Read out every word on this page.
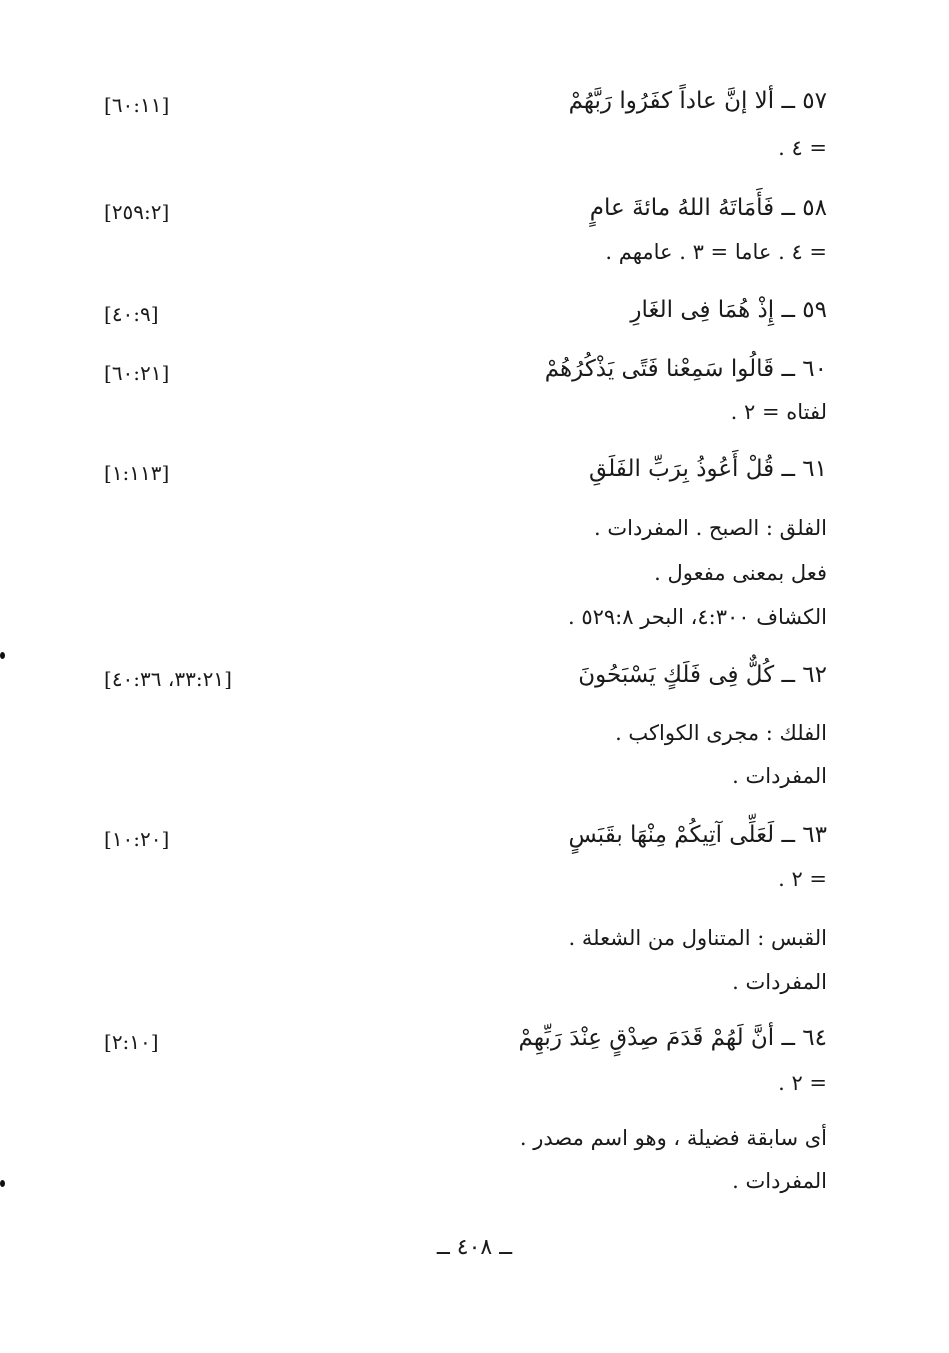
٥٧ ــ ألا إنَّ عاداً كفَرُوا رَبَّهُمْ
[٦٠:١١]
= ٤ .
٥٨ ــ فَأَمَاتَهُ اللهُ مائةَ عامٍ
[٢٥٩:٢]
= ٤ . عاما = ٣ . عامهم .
٥٩ ــ إِذْ هُمَا فِى الغَارِ
[٤٠:٩]
٦٠ ــ قَالُوا سَمِعْنا فَتًى يَذْكُرُهُمْ
[٦٠:٢١]
لفتاه = ٢ .
٦١ ــ قُلْ أَعُوذُ بِرَبِّ الفَلَقِ
[١:١١٣]
الفلق : الصبح . المفردات .
فعل بمعنى مفعول .
الكشاف ٤:٣٠٠، البحر ٥٢٩:٨ .
٦٢ ــ كُلٌّ فِى فَلَكٍ يَسْبَحُونَ
[٣٣:٢١، ٤٠:٣٦]
الفلك : مجرى الكواكب .
المفردات .
٦٣ ــ لَعَلِّى آتِيكُمْ مِنْهَا بقَبَسٍ
[١٠:٢٠]
= ٢ .
القبس : المتناول من الشعلة .
المفردات .
٦٤ ــ أنَّ لَهُمْ قَدَمَ صِدْقٍ عِنْدَ رَبِّهِمْ
[٢:١٠]
= ٢ .
أى سابقة فضيلة ، وهو اسم مصدر .
المفردات .
ــ ٤٠٨ ــ
